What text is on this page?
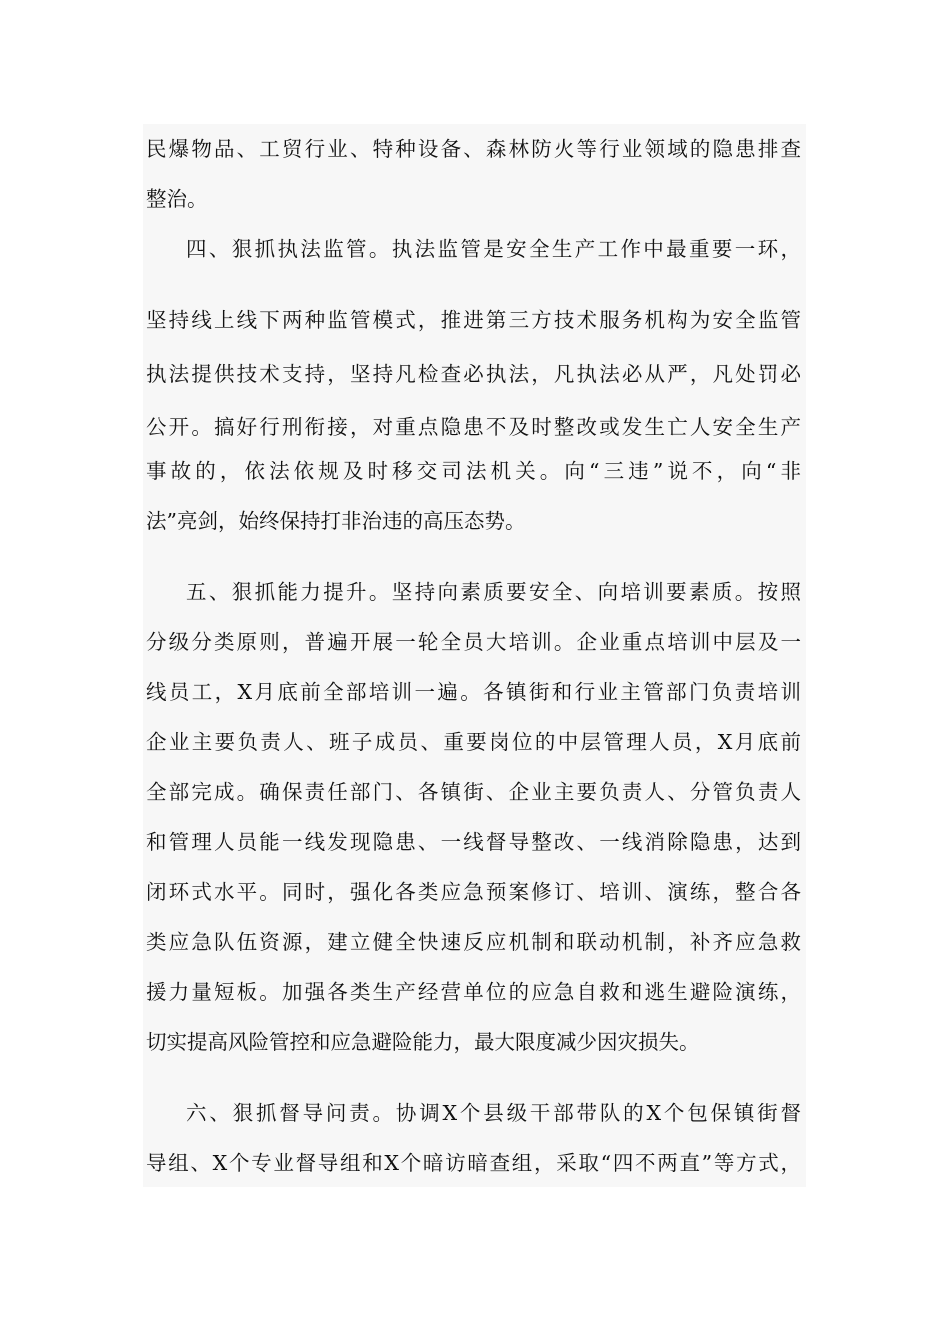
民爆物品、工贸行业、特种设备、森林防火等行业领域的隐患排查
整治。
四、狠抓执法监管。执法监管是安全生产工作中最重要一环，
坚持线上线下两种监管模式，推进第三方技术服务机构为安全监管
执法提供技术支持，坚持凡检查必执法，凡执法必从严，凡处罚必
公开。搞好行刑衔接，对重点隐患不及时整改或发生亡人安全生产
事故的，依法依规及时移交司法机关。向“三违”说不，向“非
法”亮剑，始终保持打非治违的高压态势。
五、狠抓能力提升。坚持向素质要安全、向培训要素质。按照
分级分类原则，普遍开展一轮全员大培训。企业重点培训中层及一
线员工，X月底前全部培训一遍。各镇街和行业主管部门负责培训
企业主要负责人、班子成员、重要岗位的中层管理人员，X月底前
全部完成。确保责任部门、各镇街、企业主要负责人、分管负责人
和管理人员能一线发现隐患、一线督导整改、一线消除隐患，达到
闭环式水平。同时，强化各类应急预案修订、培训、演练，整合各
类应急队伍资源，建立健全快速反应机制和联动机制，补齐应急救
援力量短板。加强各类生产经营单位的应急自救和逃生避险演练，
切实提高风险管控和应急避险能力，最大限度减少因灾损失。
六、狠抓督导问责。协调X个县级干部带队的X个包保镇街督
导组、X个专业督导组和X个暗访暗查组，采取“四不两直”等方式，
